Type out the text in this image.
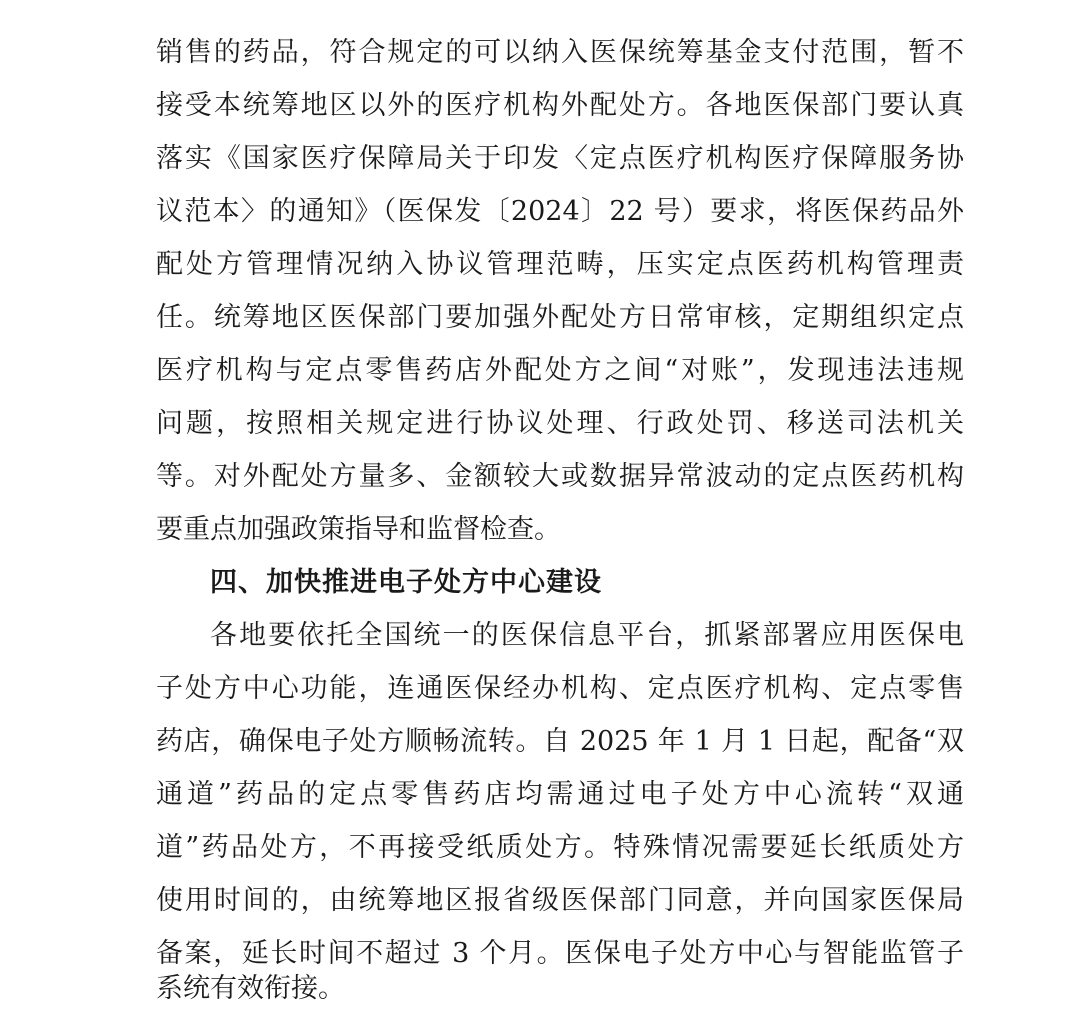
销售的药品，符合规定的可以纳入医保统筹基金支付范围，暂不
接受本统筹地区以外的医疗机构外配处方。各地医保部门要认真
落实《国家医疗保障局关于印发〈定点医疗机构医疗保障服务协
议范本〉的通知》（医保发〔2024〕22 号）要求，将医保药品外
配处方管理情况纳入协议管理范畴，压实定点医药机构管理责
任。统筹地区医保部门要加强外配处方日常审核，定期组织定点
医疗机构与定点零售药店外配处方之间“对账”，发现违法违规
问题，按照相关规定进行协议处理、行政处罚、移送司法机关
等。对外配处方量多、金额较大或数据异常波动的定点医药机构
要重点加强政策指导和监督检查。
四、加快推进电子处方中心建设
各地要依托全国统一的医保信息平台，抓紧部署应用医保电
子处方中心功能，连通医保经办机构、定点医疗机构、定点零售
药店，确保电子处方顺畅流转。自 2025 年 1 月 1 日起，配备“双
通道”药品的定点零售药店均需通过电子处方中心流转“双通
道”药品处方，不再接受纸质处方。特殊情况需要延长纸质处方
使用时间的，由统筹地区报省级医保部门同意，并向国家医保局
备案，延长时间不超过 3 个月。医保电子处方中心与智能监管子
系统有效衔接。
